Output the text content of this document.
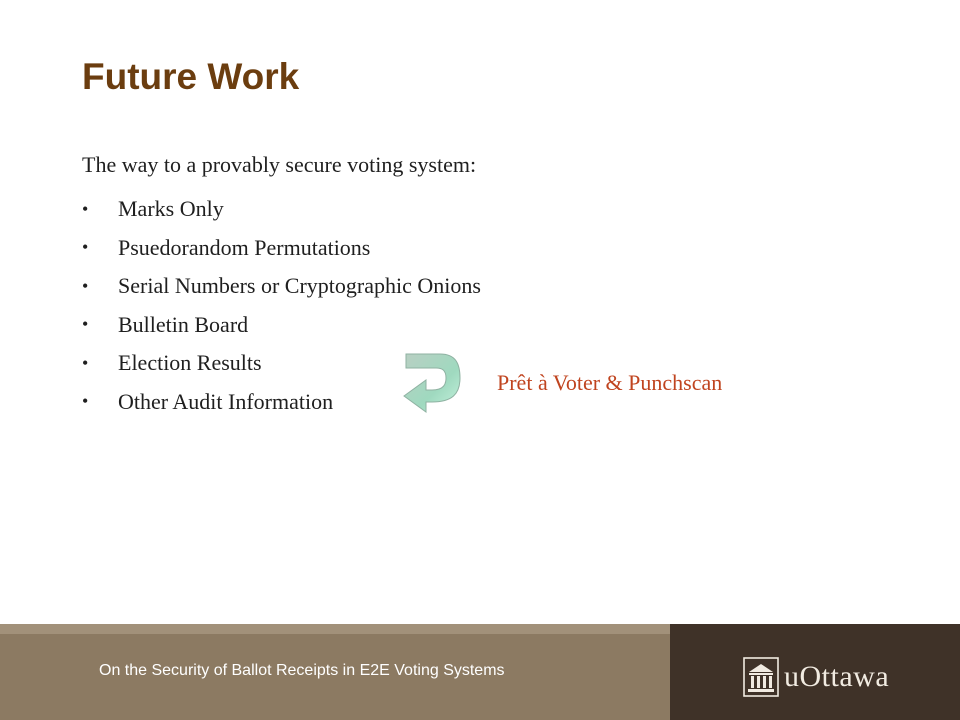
Future Work
The way to a provably secure voting system:
•	Marks Only
•	Psuedorandom Permutations
•	Serial Numbers or Cryptographic Onions
•	Bulletin Board
•	Election Results
•	Other Audit Information
Prêt à Voter & Punchscan
On the Security of Ballot Receipts in E2E Voting Systems	uOttawa
